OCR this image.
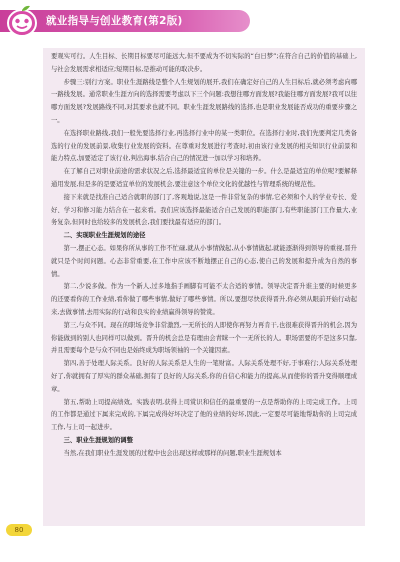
就业指导与创业教育(第2版)

要观实可行。人生目标、长期目标要尽可能远大,但不要成为不切实际的“白日梦”;在符合自己的价值的基础上,与社会发展需求相适应;短期目标,是推动可能的取决步。

步骤三:别行方案。职业生涯路线是整个人生规划的展开,我们在确定好自己的人生目标后,就必须考虑向哪一路线发展。通常职业生涯方向的选择需要考虑以下三个问题:我想往哪方面发展?我能往哪方面发展?我可以往哪方面发展?发展路线不同,对其要求也就不同。职业生涯发展路线的选择,也是职业发展能否成功的重要步骤之一。

在选择职业路线,我们一般先要选择行业,再选择行业中的某一类职位。在选择行业时,我们先要判定几类备选的行业的发展前景,收集行业发展的资料。在尊重对发展进行考查时,初由该行业发展的相关知识行业前景和能力特点,加要适定了该行业,判出海事,结合自己的情况进一加以学习和培养。

在了解自己对职业前途的需求状况之后,选择最适宜的单位是关键的一步。什么是最适宜的单位呢?要解释通用发展,但是多的是要适宜单位的发展机会,要注意这个单位文化的优越性与管理系统的规范性。

接下来就是找准自己适合就职的部门了,客观地说,这是一件非常复杂的事情,它必须和个人的学业专长、爱好、学习和修习能力结合在一起来看。我们应该选择最能适合自己发展的职能部门,有些职能部门工作量大,业务复杂,但同时也给较多的发展机会,我们要找最有适应的部门。

二、实现职业生涯规划的途径

第一,摆正心态。如果你所从事的工作不忙碌,就从小事情做起,从小事情做起,就能逐渐得到领导的重视,晋升就只是个时间问题。心态非常重要,在工作中应该不断地摆正自己的心态,使自己的发展和提升成为自然的事情。

第二,少说多做。作为一个新人,过多地指手画脚有可能不太合适的事情。领导决定晋升谁主要的时候更多的还要看你的工作业绩,看你做了哪些事情,做好了哪些事情。所以,要想尽快获得晋升,你必须从眼前开始行动起来,去做事情,去用实际的行动和良实的业绩赢得领导的赞赏。

第三,与众不同。现在的职场竞争非常激烈,一无所长的人即使你再努力再肯干,也很难获得晋升的机会,因为你能做到的别人也同样可以做到。晋升的机会总是有理由会青睐一个一无所长的人。职场需要的不是这多只靠,并且需要每个是与众不同也是始终成为职场领袖的一个关键因素。

第四,善于处理人际关系。良好的人际关系是人生的一笔财富。人际关系处理不好,于事难行;人际关系处理好了,你就拥有了厚实的群众基础,拥有了良好的人际关系,你的自信心和能力的提高,从而使你的晋升变得顺理成章。

第五,帮助上司提高绩效。实践表明,获得上司赏识和信任的最重要的一点是帮助你的上司完成工作。上司的工作都是通过下属来完成的,下属完成得好坏决定了他的业绩的好坏,因此,一定要尽可能地帮助你的上司完成工作,与上司一起进步。

三、职业生涯规划的调整

当然,在我们职业生涯发展的过程中也会出现这样或那样的问题,职业生涯规划本

80
